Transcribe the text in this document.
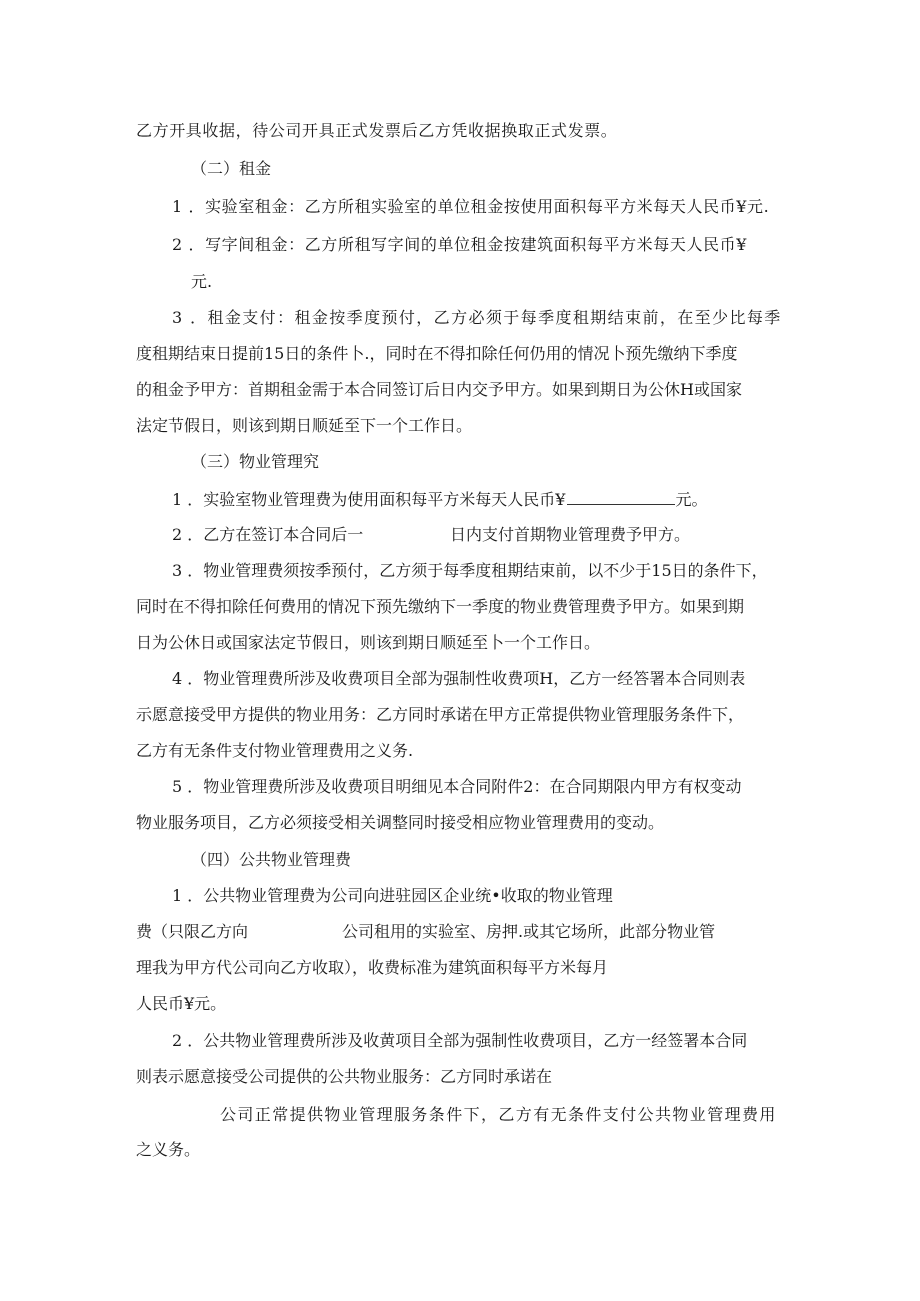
乙方开具收据，待公司开具正式发票后乙方凭收据换取正式发票。

（二）租金

1 ．实验室租金：乙方所租实验室的单位租金按使用面积每平方米每天人民币¥元.

2 ．写字间租金：乙方所租写字间的单位租金按建筑面积每平方米每天人民币¥

元.

3 ．租金支付：租金按季度预付，乙方必须于每季度租期结束前，在至少比每季

度租期结束日提前15日的条件卜.，同时在不得扣除任何仍用的情况卜预先缴纳下季度

的租金予甲方：首期租金需于本合同签订后日内交予甲方。如果到期日为公休H或国家

法定节假日，则该到期日顺延至下一个工作日。

（三）物业管理究

1 ．实验室物业管理费为使用面积每平方米每天人民币¥	元。

2 ．乙方在签订本合同后一	日内支付首期物业管理费予甲方。

3 ．物业管理费须按季预付，乙方须于每季度租期结束前，以不少于15日的条件下，

同时在不得扣除任何费用的情况下预先缴纳下一季度的物业费管理费予甲方。如果到期

日为公休日或国家法定节假日，则该到期日顺延至卜一个工作日。

4 ．物业管理费所涉及收费项目全部为强制性收费项H，乙方一经答署本合同则表

示愿意接受甲方提供的物业用务：乙方同时承诺在甲方正常提供物业管理服务条件下，

乙方有无条件支付物业管理费用之义务.

5 ．物业管理费所涉及收费项目明细见本合同附件2：在合同期限内甲方有权变动

物业服务项目，乙方必须接受相关调整同时接受相应物业管理费用的变动。

（四）公共物业管理费

1 ．公共物业管理费为公司向进驻园区企业统•收取的物业管理

费（只限乙方向	公司租用的实验室、房押.或其它场所，此部分物业管

理我为甲方代公司向乙方收取），收费标准为建筑面积每平方米每月

人民币¥元。

2 ．公共物业管理费所涉及收黄项目全部为强制性收费项目，乙方一经签署本合同

则表示愿意接受公司提供的公共物业服务：乙方同时承诺在

公司正常提供物业管理服务条件下，乙方有无条件支付公共物业管理费用

之义务。
